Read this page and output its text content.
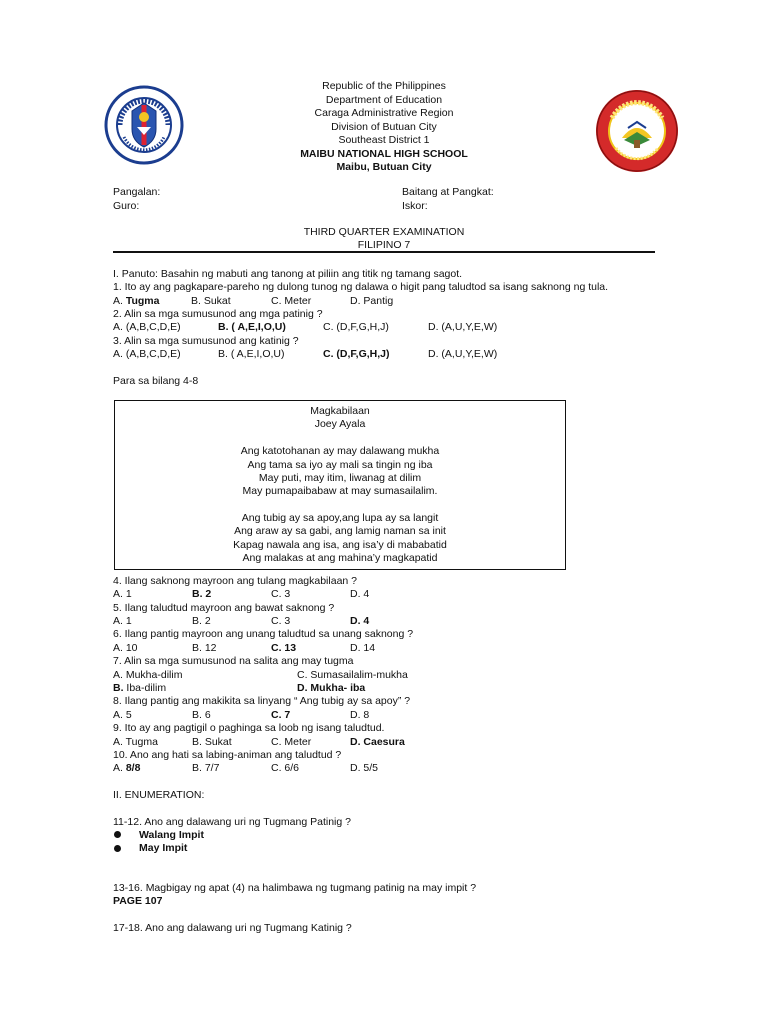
Republic of the Philippines
Department of Education
Caraga Administrative Region
Division of Butuan City
Southeast District 1
MAIBU NATIONAL HIGH SCHOOL
Maibu, Butuan City
Pangalan:	Baitang at Pangkat:
Guro:	Iskor:
THIRD QUARTER EXAMINATION
FILIPINO 7
I. Panuto: Basahin ng mabuti ang tanong at piliin ang titik ng tamang sagot.
1. Ito ay ang pagkapare-pareho ng dulong tunog ng dalawa o higit pang taludtod sa isang saknong ng tula.
A. Tugma	B. Sukat	C. Meter	D. Pantig
2. Alin sa mga sumusunod ang mga patinig ?
A. (A,B,C,D,E)	B. ( A,E,I,O,U)	C. (D,F,G,H,J)	D. (A,U,Y,E,W)
3. Alin sa mga sumusunod ang katinig ?
A. (A,B,C,D,E)	B. ( A,E,I,O,U)	C. (D,F,G,H,J)	D. (A,U,Y,E,W)
Para sa bilang 4-8
Magkabilaan
Joey Ayala
Ang katotohanan ay may dalawang mukha
Ang tama sa iyo ay mali sa tingin ng iba
May puti, may itim, liwanag at dilim
May pumapaibabaw at may sumasailalim.
Ang tubig ay sa apoy,ang lupa ay sa langit
Ang araw ay sa gabi, ang lamig naman sa init
Kapag nawala ang isa, ang isa’y di mababatid
Ang malakas at ang mahina’y magkapatid
4. Ilang saknong mayroon ang tulang magkabilaan ?
A. 1	B. 2	C. 3	D. 4
5. Ilang taludtud mayroon ang bawat saknong ?
A. 1	B. 2	C. 3	D. 4
6. Ilang pantig mayroon ang unang taludtud sa unang saknong ?
A. 10	B. 12	C. 13	D. 14
7. Alin sa mga sumusunod na salita ang may tugma
A. Mukha-dilim	C. Sumasailalim-mukha
B. Iba-dilim	D. Mukha- iba
8. Ilang pantig ang makikita sa linyang “ Ang tubig ay sa apoy” ?
A. 5	B. 6	C. 7	D. 8
9. Ito ay ang pagtigil o paghinga sa loob ng isang taludtud.
A. Tugma	B. Sukat	C. Meter	D. Caesura
10. Ano ang hati sa labing-animan ang taludtud ?
A. 8/8	B. 7/7	C. 6/6	D. 5/5
II. ENUMERATION:
11-12. Ano ang dalawang uri ng Tugmang Patinig ?
Walang Impit
May Impit
13-16. Magbigay ng apat (4) na halimbawa ng tugmang patinig na may impit ?
PAGE 107
17-18. Ano ang dalawang uri ng Tugmang Katinig ?
